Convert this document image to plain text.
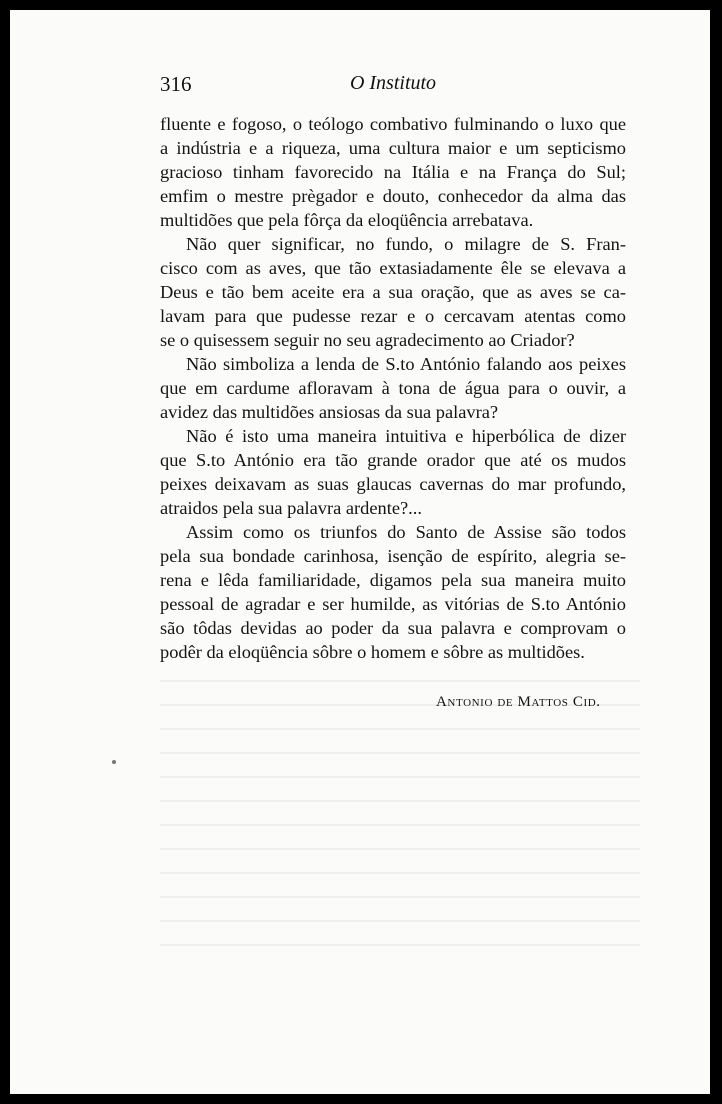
316	O Instituto

fluente e fogoso, o teólogo combativo fulminando o luxo que
a indústria e a riqueza, uma cultura maior e um septicismo
gracioso tinham favorecido na Itália e na França do Sul;
emfim o mestre prègador e douto, conhecedor da alma das
multidões que pela fôrça da eloqüência arrebatava.

Não quer significar, no fundo, o milagre de S. Fran-
cisco com as aves, que tão extasiadamente êle se elevava a
Deus e tão bem aceite era a sua oração, que as aves se ca-
lavam para que pudesse rezar e o cercavam atentas como
se o quisessem seguir no seu agradecimento ao Criador?

Não simboliza a lenda de S.to António falando aos peixes
que em cardume afloravam à tona de água para o ouvir, a
avidez das multidões ansiosas da sua palavra?

Não é isto uma maneira intuitiva e hiperbólica de dizer
que S.to António era tão grande orador que até os mudos
peixes deixavam as suas glaucas cavernas do mar profundo,
atraidos pela sua palavra ardente?...

Assim como os triunfos do Santo de Assise são todos
pela sua bondade carinhosa, isenção de espírito, alegria se-
rena e lêda familiaridade, digamos pela sua maneira muito
pessoal de agradar e ser humilde, as vitórias de S.to António
são tôdas devidas ao poder da sua palavra e comprovam o
podêr da eloqüência sôbre o homem e sôbre as multidões.

Antonio de Mattos Cid.
